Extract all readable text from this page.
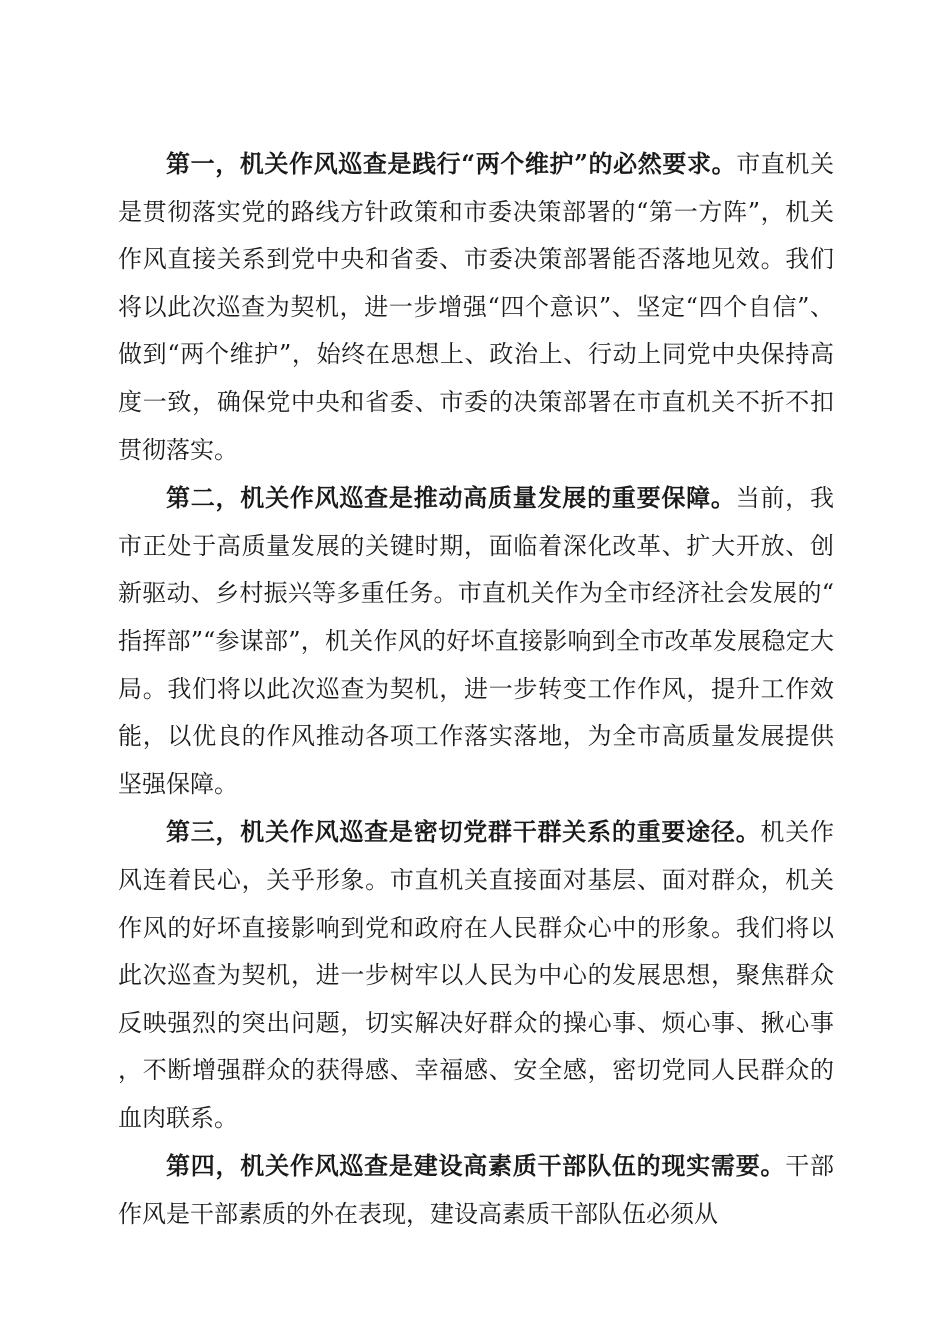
第一，机关作风巡查是践行“两个维护”的必然要求。市直机关是贯彻落实党的路线方针政策和市委决策部署的“第一方阵”，机关作风直接关系到党中央和省委、市委决策部署能否落地见效。我们将以此次巡查为契机，进一步增强“四个意识”、坚定“四个自信”、做到“两个维护”，始终在思想上、政治上、行动上同党中央保持高度一致，确保党中央和省委、市委的决策部署在市直机关不折不扣贯彻落实。

第二，机关作风巡查是推动高质量发展的重要保障。当前，我市正处于高质量发展的关键时期，面临着深化改革、扩大开放、创新驱动、乡村振兴等多重任务。市直机关作为全市经济社会发展的“指挥部”“参谋部”，机关作风的好坏直接影响到全市改革发展稳定大局。我们将以此次巡查为契机，进一步转变工作作风，提升工作效能，以优良的作风推动各项工作落实落地，为全市高质量发展提供坚强保障。

第三，机关作风巡查是密切党群干群关系的重要途径。机关作风连着民心，关乎形象。市直机关直接面对基层、面对群众，机关作风的好坏直接影响到党和政府在人民群众心中的形象。我们将以此次巡查为契机，进一步树牢以人民为中心的发展思想，聚焦群众反映强烈的突出问题，切实解决好群众的操心事、烦心事、揪心事，不断增强群众的获得感、幸福感、安全感，密切党同人民群众的血肉联系。

第四，机关作风巡查是建设高素质干部队伍的现实需要。干部作风是干部素质的外在表现，建设高素质干部队伍必须从
